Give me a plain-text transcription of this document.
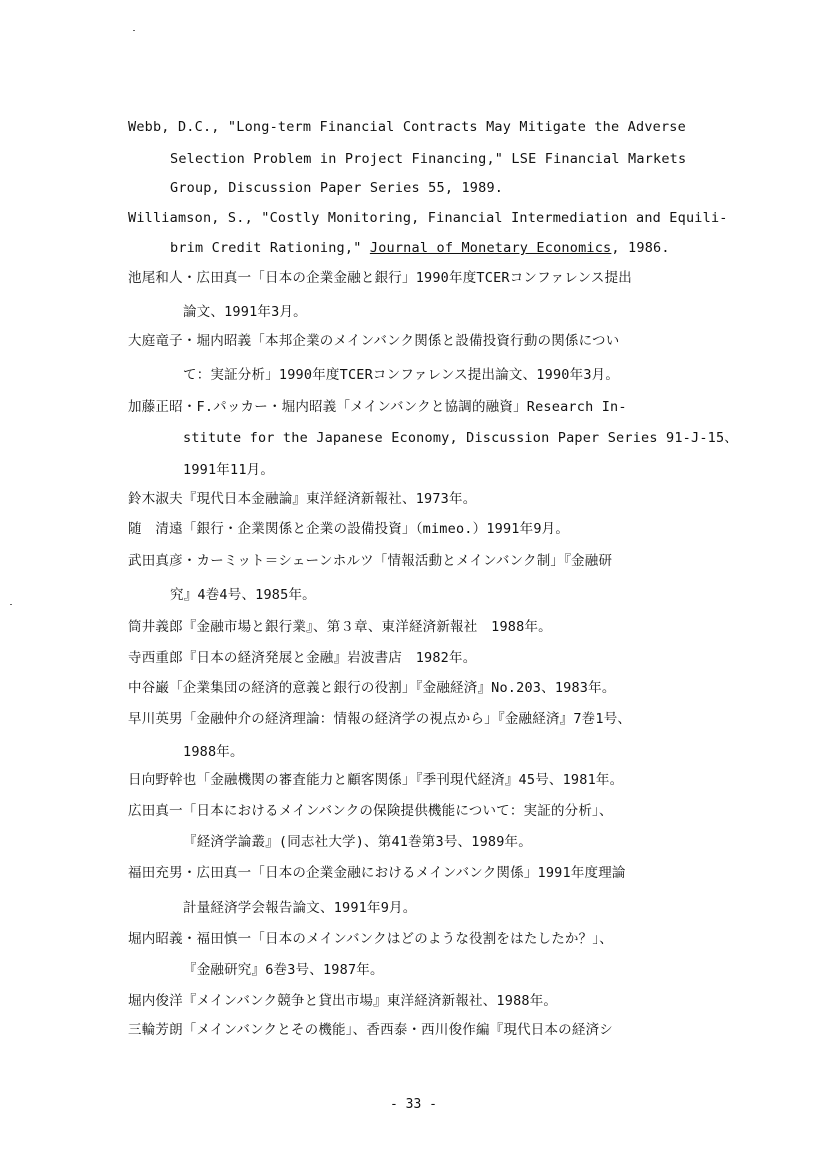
Webb, D.C., "Long-term Financial Contracts May Mitigate the Adverse
Selection Problem in Project Financing," LSE Financial Markets
Group, Discussion Paper Series 55, 1989.
Williamson, S., "Costly Monitoring, Financial Intermediation and Equili-
brim Credit Rationing," Journal of Monetary Economics, 1986.
池尾和人・広田真一「日本の企業金融と銀行」1990年度TCERコンファレンス提出
論文、1991年3月。
大庭竜子・堀内昭義「本邦企業のメインバンク関係と設備投資行動の関係につい
て：実証分析」1990年度TCERコンファレンス提出論文、1990年3月。
加藤正昭・F.パッカー・堀内昭義「メインバンクと協調的融資」Research In-
stitute for the Japanese Economy, Discussion Paper Series 91-J-15、
1991年11月。
鈴木淑夫『現代日本金融論』東洋経済新報社、1973年。
随　清遠「銀行・企業関係と企業の設備投資」（mimeo.）1991年9月。
武田真彦・カーミット＝シェーンホルツ「情報活動とメインバンク制」『金融研
究』4巻4号、1985年。
筒井義郎『金融市場と銀行業』、第３章、東洋経済新報社　1988年。
寺西重郎『日本の経済発展と金融』岩波書店　1982年。
中谷巌「企業集団の経済的意義と銀行の役割」『金融経済』No.203、1983年。
早川英男「金融仲介の経済理論：情報の経済学の視点から」『金融経済』7巻1号、
1988年。
日向野幹也「金融機関の審査能力と顧客関係」『季刊現代経済』45号、1981年。
広田真一「日本におけるメインバンクの保険提供機能について：実証的分析」、
『経済学論叢』(同志社大学)、第41巻第3号、1989年。
福田充男・広田真一「日本の企業金融におけるメインバンク関係」1991年度理論
計量経済学会報告論文、1991年9月。
堀内昭義・福田慎一「日本のメインバンクはどのような役割をはたしたか？」、
『金融研究』6巻3号、1987年。
堀内俊洋『メインバンク競争と貸出市場』東洋経済新報社、1988年。
三輪芳朗「メインバンクとその機能」、香西泰・西川俊作編『現代日本の経済シ
- 33 -
